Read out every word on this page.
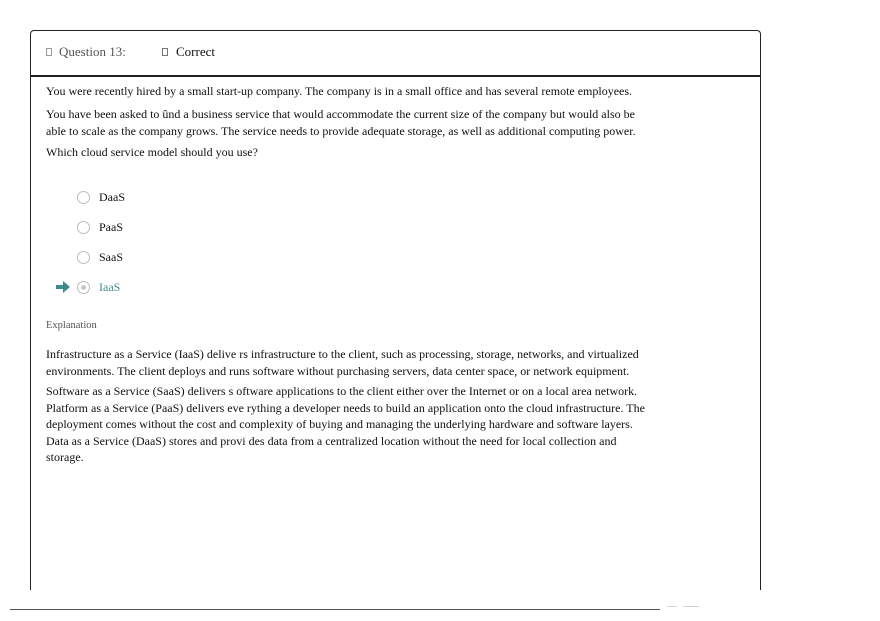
Question 13:	Correct
You were recently hired by a small start-up company. The company is in a small office and has several remote employees.
You have been asked to ûnd a business service that would accommodate the current size of the company but would also be
able to scale as the company grows. The service needs to provide adequate storage, as well as additional computing power.
Which cloud service model should you use?
DaaS
PaaS
SaaS
IaaS
Explanation
Infrastructure as a Service (IaaS) delive rs infrastructure to the client, such as processing, storage, networks, and virtualized
environments. The client deploys and runs software without purchasing servers, data center space, or network equipment.
Software as a Service (SaaS) delivers s oftware applications to the client either over the Internet or on a local area network.
Platform as a Service (PaaS) delivers eve rything a developer needs to build an application onto the cloud infrastructure. The
deployment comes without the cost and complexity of buying and managing the underlying hardware and software layers.
Data as a Service (DaaS) stores and provi des data from a centralized location without the need for local collection and
storage.
